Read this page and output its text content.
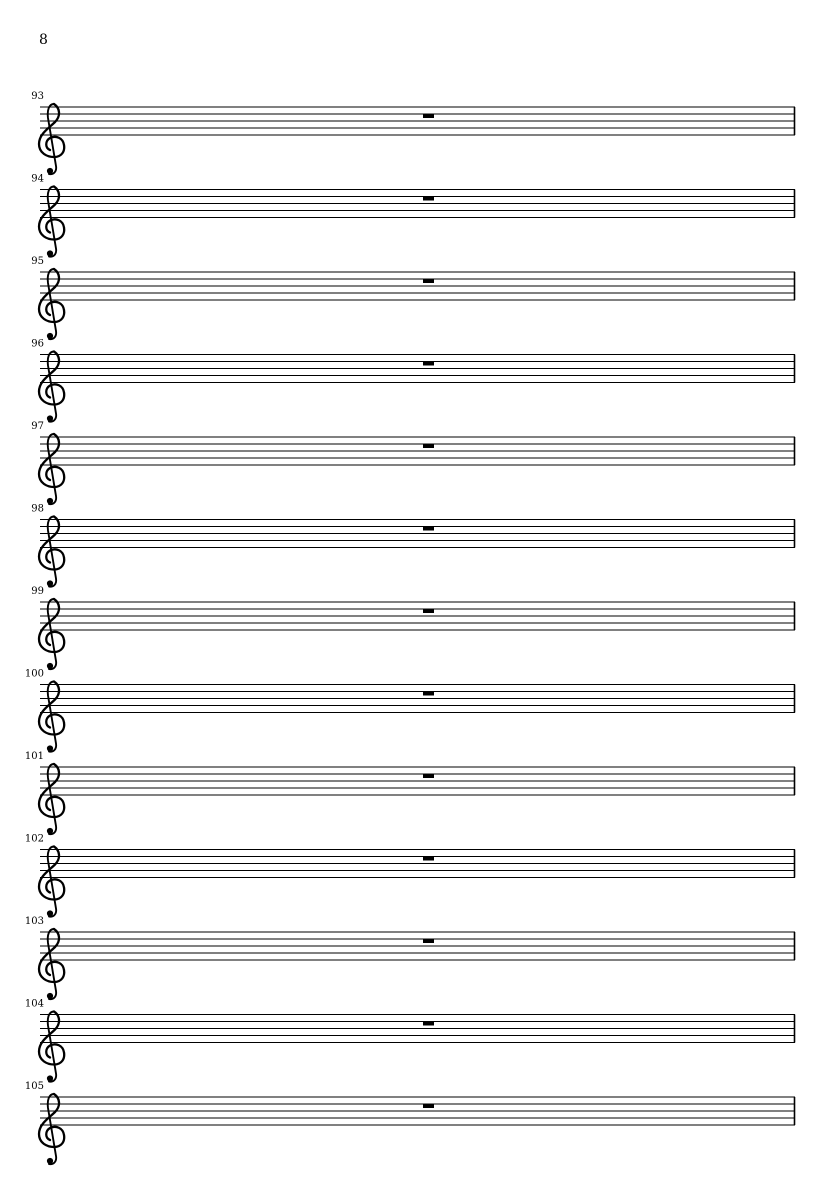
8
93
94
95
96
97
98
99
100
101
102
103
104
105
